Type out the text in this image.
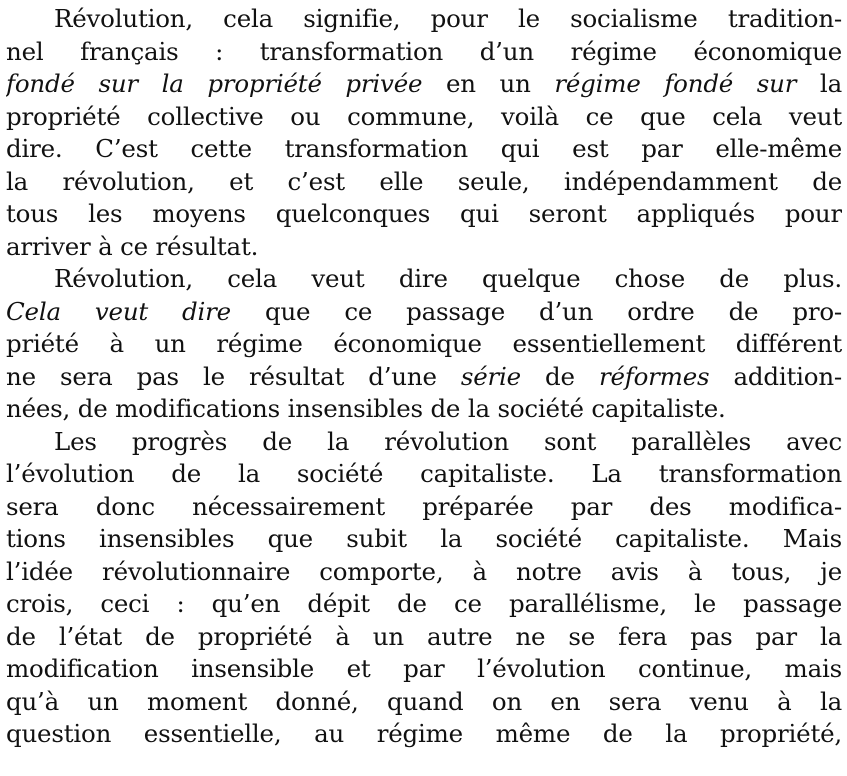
Révolution, cela signifie, pour le socialisme tradition-
nel français : transformation d’un régime économique
fondé sur la propriété privée en un régime fondé sur la
propriété collective ou commune, voilà ce que cela veut
dire. C’est cette transformation qui est par elle-même
la révolution, et c’est elle seule, indépendamment de
tous les moyens quelconques qui seront appliqués pour
arriver à ce résultat.
Révolution, cela veut dire quelque chose de plus.
Cela veut dire que ce passage d’un ordre de pro-
priété à un régime économique essentiellement différent
ne sera pas le résultat d’une série de réformes addition-
nées, de modifications insensibles de la société capitaliste.
Les progrès de la révolution sont parallèles avec
l’évolution de la société capitaliste. La transformation
sera donc nécessairement préparée par des modifica-
tions insensibles que subit la société capitaliste. Mais
l’idée révolutionnaire comporte, à notre avis à tous, je
crois, ceci : qu’en dépit de ce parallélisme, le passage
de l’état de propriété à un autre ne se fera pas par la
modification insensible et par l’évolution continue, mais
qu’à un moment donné, quand on en sera venu à la
question essentielle, au régime même de la propriété,
